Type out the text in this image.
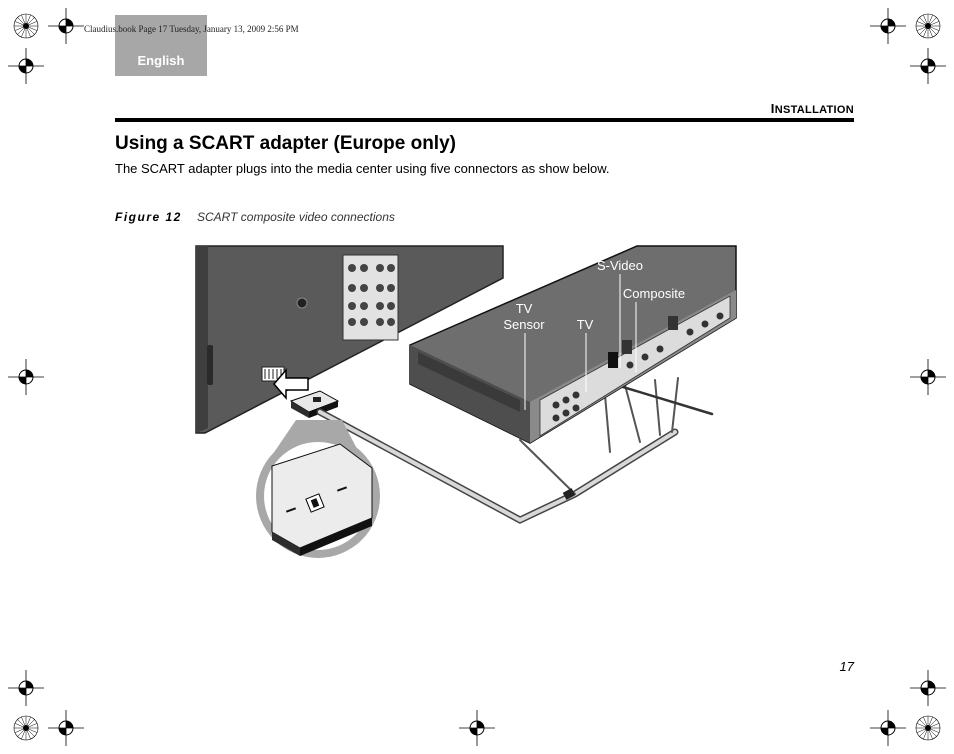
English
Claudius.book Page 17 Tuesday, January 13, 2009 2:56 PM
INSTALLATION
Using a SCART adapter (Europe only)
The SCART adapter plugs into the media center using five connectors as show below.
Figure 12 SCART composite video connections
TV
Sensor TV
S-Video
Composite
17
